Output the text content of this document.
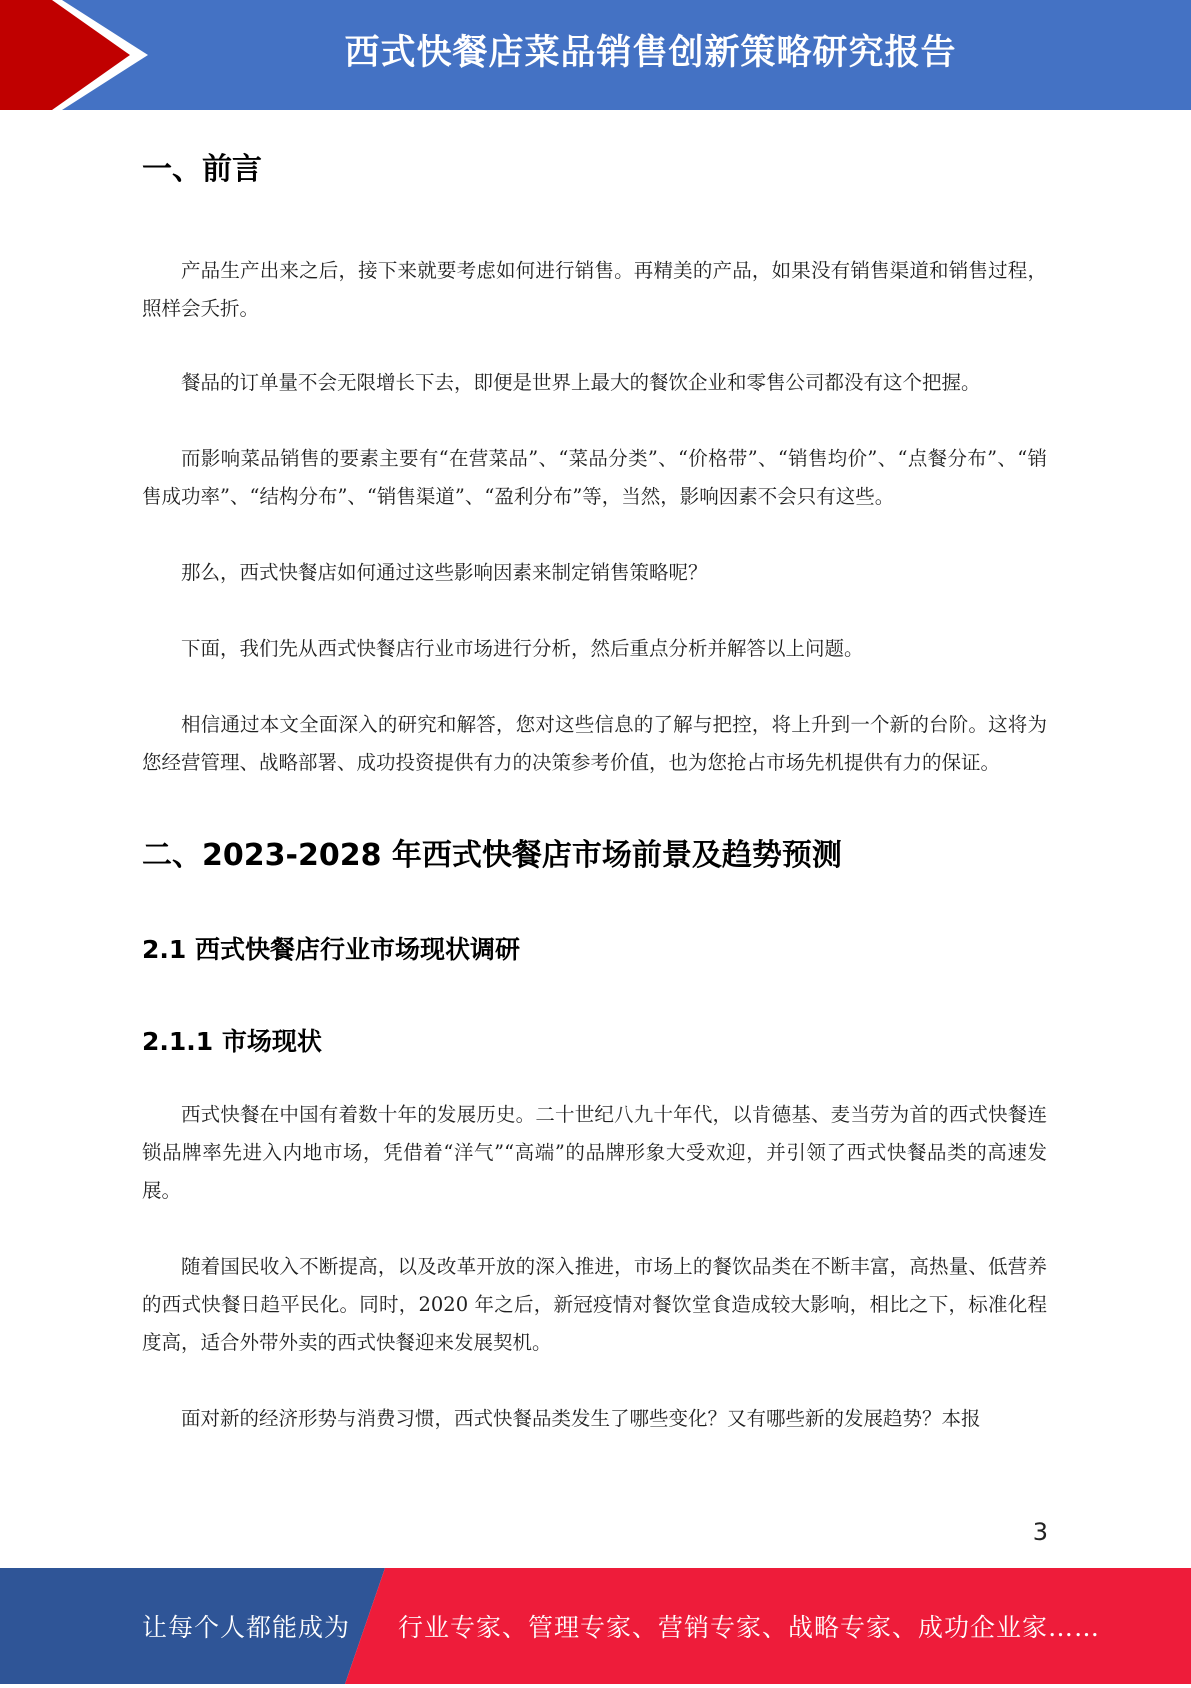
西式快餐店菜品销售创新策略研究报告
一、前言

产品生产出来之后，接下来就要考虑如何进行销售。再精美的产品，如果没有销售渠道和销售过程，照样会夭折。

餐品的订单量不会无限增长下去，即便是世界上最大的餐饮企业和零售公司都没有这个把握。

而影响菜品销售的要素主要有“在营菜品”、“菜品分类”、“价格带”、“销售均价”、“点餐分布”、“销售成功率”、“结构分布”、“销售渠道”、“盈利分布”等，当然，影响因素不会只有这些。

那么，西式快餐店如何通过这些影响因素来制定销售策略呢？

下面，我们先从西式快餐店行业市场进行分析，然后重点分析并解答以上问题。

相信通过本文全面深入的研究和解答，您对这些信息的了解与把控，将上升到一个新的台阶。这将为您经营管理、战略部署、成功投资提供有力的决策参考价值，也为您抢占市场先机提供有力的保证。

二、2023-2028 年西式快餐店市场前景及趋势预测
2.1 西式快餐店行业市场现状调研
2.1.1 市场现状

西式快餐在中国有着数十年的发展历史。二十世纪八九十年代，以肯德基、麦当劳为首的西式快餐连锁品牌率先进入内地市场，凭借着“洋气”“高端”的品牌形象大受欢迎，并引领了西式快餐品类的高速发展。

随着国民收入不断提高，以及改革开放的深入推进，市场上的餐饮品类在不断丰富，高热量、低营养的西式快餐日趋平民化。同时，2020 年之后，新冠疫情对餐饮堂食造成较大影响，相比之下，标准化程度高，适合外带外卖的西式快餐迎来发展契机。

面对新的经济形势与消费习惯，西式快餐品类发生了哪些变化？又有哪些新的发展趋势？本报

3
让每个人都能成为 行业专家、管理专家、营销专家、战略专家、成功企业家……
